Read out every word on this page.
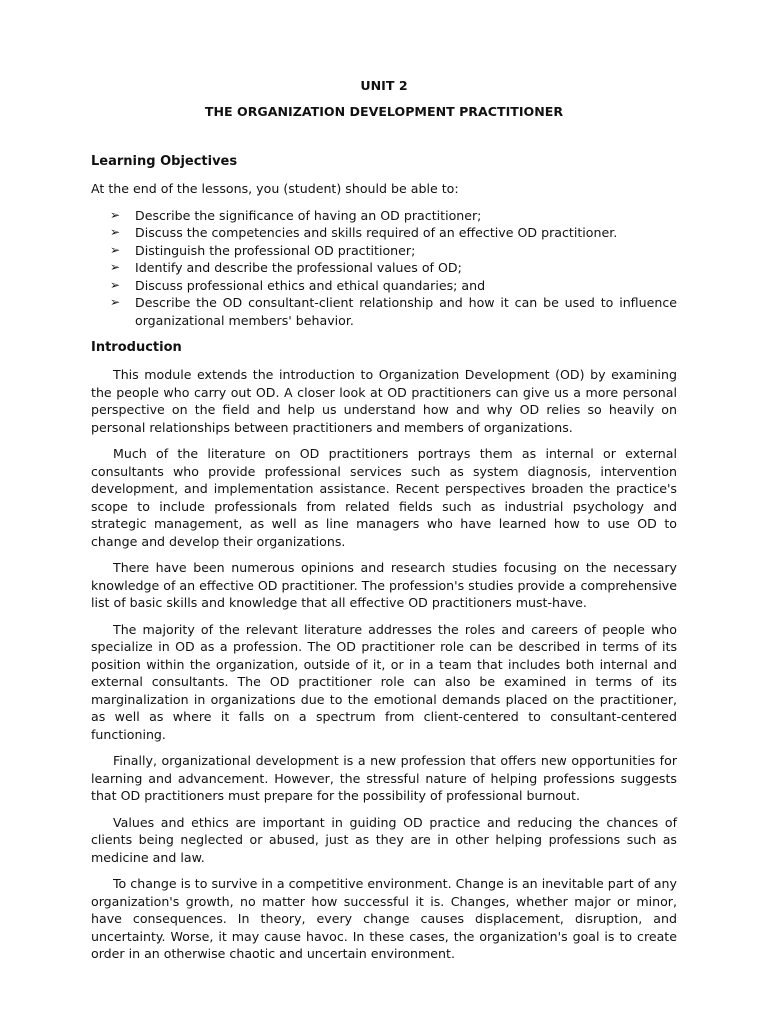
UNIT 2
THE ORGANIZATION DEVELOPMENT PRACTITIONER
Learning Objectives
At the end of the lessons, you (student) should be able to:
➢ Describe the significance of having an OD practitioner;
➢ Discuss the competencies and skills required of an effective OD practitioner.
➢ Distinguish the professional OD practitioner;
➢ Identify and describe the professional values of OD;
➢ Discuss professional ethics and ethical quandaries; and
➢ Describe the OD consultant-client relationship and how it can be used to influence organizational members' behavior.
Introduction

This module extends the introduction to Organization Development (OD) by examining the people who carry out OD. A closer look at OD practitioners can give us a more personal perspective on the field and help us understand how and why OD relies so heavily on personal relationships between practitioners and members of organizations.

Much of the literature on OD practitioners portrays them as internal or external consultants who provide professional services such as system diagnosis, intervention development, and implementation assistance. Recent perspectives broaden the practice's scope to include professionals from related fields such as industrial psychology and strategic management, as well as line managers who have learned how to use OD to change and develop their organizations.

There have been numerous opinions and research studies focusing on the necessary knowledge of an effective OD practitioner. The profession's studies provide a comprehensive list of basic skills and knowledge that all effective OD practitioners must-have.

The majority of the relevant literature addresses the roles and careers of people who specialize in OD as a profession. The OD practitioner role can be described in terms of its position within the organization, outside of it, or in a team that includes both internal and external consultants. The OD practitioner role can also be examined in terms of its marginalization in organizations due to the emotional demands placed on the practitioner, as well as where it falls on a spectrum from client-centered to consultant-centered functioning.

Finally, organizational development is a new profession that offers new opportunities for learning and advancement. However, the stressful nature of helping professions suggests that OD practitioners must prepare for the possibility of professional burnout.

Values and ethics are important in guiding OD practice and reducing the chances of clients being neglected or abused, just as they are in other helping professions such as medicine and law.

To change is to survive in a competitive environment. Change is an inevitable part of any organization's growth, no matter how successful it is. Changes, whether major or minor, have consequences. In theory, every change causes displacement, disruption, and uncertainty. Worse, it may cause havoc. In these cases, the organization's goal is to create order in an otherwise chaotic and uncertain environment.
